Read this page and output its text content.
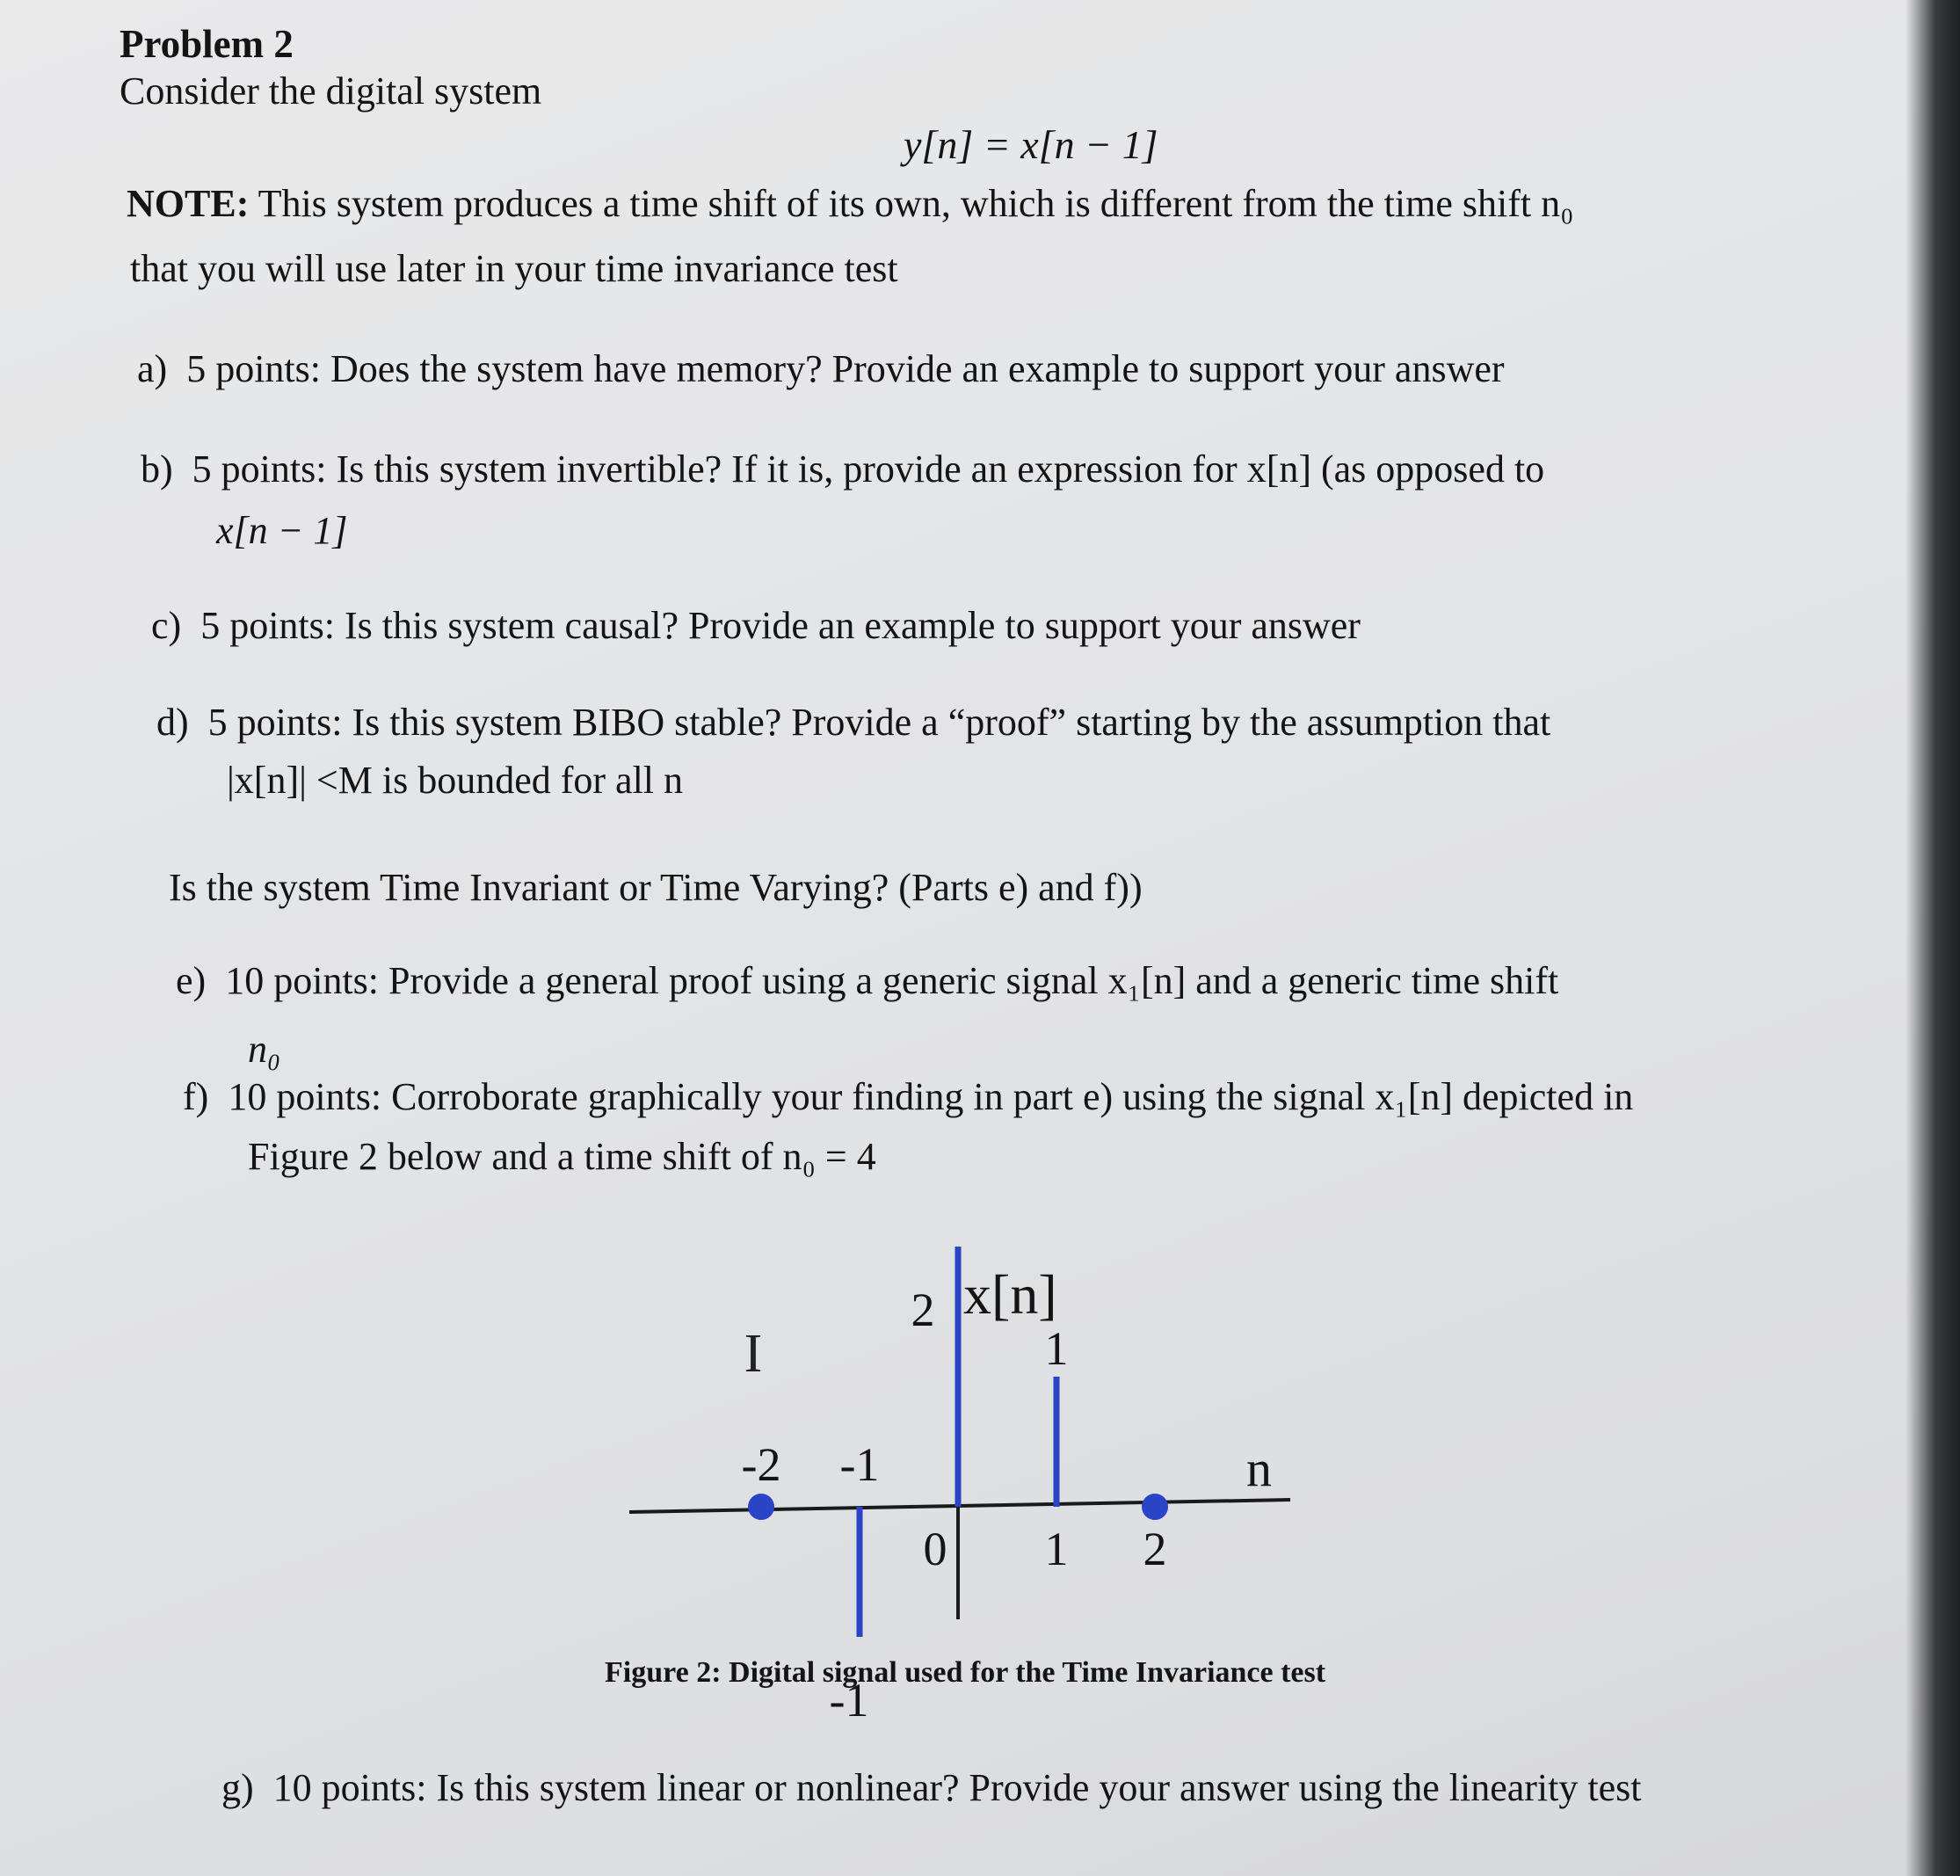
Problem 2
Consider the digital system
y[n] = x[n − 1]
NOTE: This system produces a time shift of its own, which is different from the time shift n₀
that you will use later in your time invariance test
a) 5 points: Does the system have memory? Provide an example to support your answer
b) 5 points: Is this system invertible? If it is, provide an expression for x[n] (as opposed to
x[n − 1]
c) 5 points: Is this system causal? Provide an example to support your answer
d) 5 points: Is this system BIBO stable? Provide a “proof” starting by the assumption that
|x[n]| <M is bounded for all n
Is the system Time Invariant or Time Varying? (Parts e) and f))
e) 10 points: Provide a general proof using a generic signal x₁[n] and a generic time shift
n₀
f) 10 points: Corroborate graphically your finding in part e) using the signal x₁[n] depicted in
Figure 2 below and a time shift of n₀ = 4
I
x[n]
n
-2 -1
0 1 2
-1
2
1
Figure 2: Digital signal used for the Time Invariance test
g) 10 points: Is this system linear or nonlinear? Provide your answer using the linearity test
